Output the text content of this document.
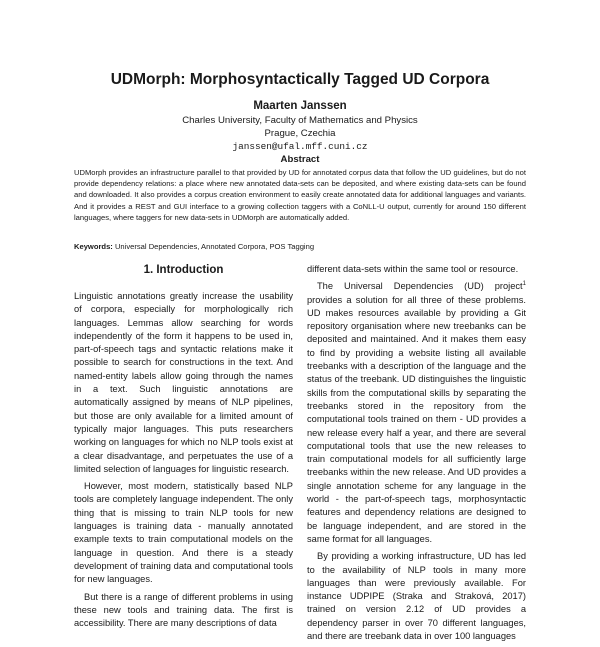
UDMorph: Morphosyntactically Tagged UD Corpora
Maarten Janssen
Charles University, Faculty of Mathematics and Physics
Prague, Czechia
janssen@ufal.mff.cuni.cz
Abstract
UDMorph provides an infrastructure parallel to that provided by UD for annotated corpus data that follow the UD guidelines, but do not provide dependency relations: a place where new annotated data-sets can be deposited, and where existing data-sets can be found and downloaded. It also provides a corpus creation environment to easily create annotated data for additional languages and variants. And it provides a REST and GUI interface to a growing collection taggers with a CoNLL-U output, currently for around 150 different languages, where taggers for new data-sets in UDMorph are automatically added.
Keywords: Universal Dependencies, Annotated Corpora, POS Tagging
1. Introduction

Linguistic annotations greatly increase the usability of corpora, especially for morphologically rich languages. Lemmas allow searching for words independently of the form it happens to be used in, part-of-speech tags and syntactic relations make it possible to search for constructions in the text. And named-entity labels allow going through the names in a text. Such linguistic annotations are automatically assigned by means of NLP pipelines, but those are only available for a limited amount of typically major languages. This puts researchers working on languages for which no NLP tools exist at a clear disadvantage, and perpetuates the use of a limited selection of languages for linguistic research.

However, most modern, statistically based NLP tools are completely language independent. The only thing that is missing to train NLP tools for new languages is training data - manually annotated example texts to train computational models on the language in question. And there is a steady development of training data and computational tools for new languages.

But there is a range of different problems in using these new tools and training data. The first is accessibility. There are many descriptions of data

different data-sets within the same tool or resource.

The Universal Dependencies (UD) project$^1$ provides a solution for all three of these problems. UD makes resources available by providing a Git repository organisation where new treebanks can be deposited and maintained. And it makes them easy to find by providing a website listing all available treebanks with a description of the language and the status of the treebank. UD distinguishes the linguistic skills from the computational skills by separating the treebanks stored in the repository from the computational tools trained on them - UD provides a new release every half a year, and there are several computational tools that use the new releases to train computational models for all sufficiently large treebanks within the new release. And UD provides a single annotation scheme for any language in the world - the part-of-speech tags, morphosyntactic features and dependency relations are designed to be language independent, and are stored in the same format for all languages.

By providing a working infrastructure, UD has led to the availability of NLP tools in many more languages than were previously available. For instance UDPIPE (Straka and Straková, 2017) trained on version 2.12 of UD provides a dependency parser in over 70 different languages, and there are treebank data in over 100 languages
